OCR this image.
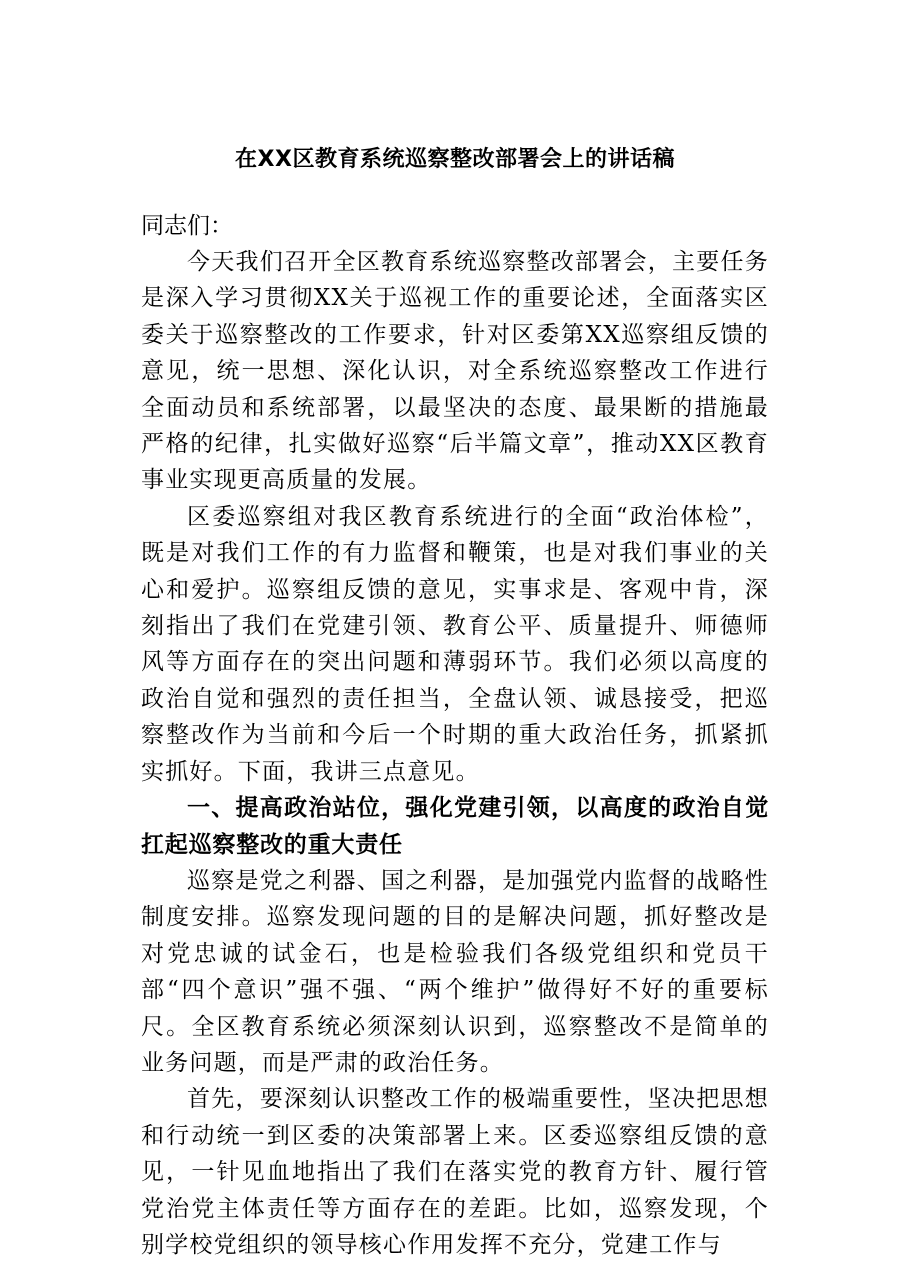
在XX区教育系统巡察整改部署会上的讲话稿

同志们：

今天我们召开全区教育系统巡察整改部署会，主要任务是深入学习贯彻XX关于巡视工作的重要论述，全面落实区委关于巡察整改的工作要求，针对区委第XX巡察组反馈的意见，统一思想、深化认识，对全系统巡察整改工作进行全面动员和系统部署，以最坚决的态度、最果断的措施最严格的纪律，扎实做好巡察“后半篇文章”，推动XX区教育事业实现更高质量的发展。

区委巡察组对我区教育系统进行的全面“政治体检”，既是对我们工作的有力监督和鞭策，也是对我们事业的关心和爱护。巡察组反馈的意见，实事求是、客观中肯，深刻指出了我们在党建引领、教育公平、质量提升、师德师风等方面存在的突出问题和薄弱环节。我们必须以高度的政治自觉和强烈的责任担当，全盘认领、诚恳接受，把巡察整改作为当前和今后一个时期的重大政治任务，抓紧抓实抓好。下面，我讲三点意见。

一、提高政治站位，强化党建引领，以高度的政治自觉扛起巡察整改的重大责任

巡察是党之利器、国之利器，是加强党内监督的战略性制度安排。巡察发现问题的目的是解决问题，抓好整改是对党忠诚的试金石，也是检验我们各级党组织和党员干部“四个意识”强不强、“两个维护”做得好不好的重要标尺。全区教育系统必须深刻认识到，巡察整改不是简单的业务问题，而是严肃的政治任务。

首先，要深刻认识整改工作的极端重要性，坚决把思想和行动统一到区委的决策部署上来。区委巡察组反馈的意见，一针见血地指出了我们在落实党的教育方针、履行管党治党主体责任等方面存在的差距。比如，巡察发现，个别学校党组织的领导核心作用发挥不充分，党建工作与
